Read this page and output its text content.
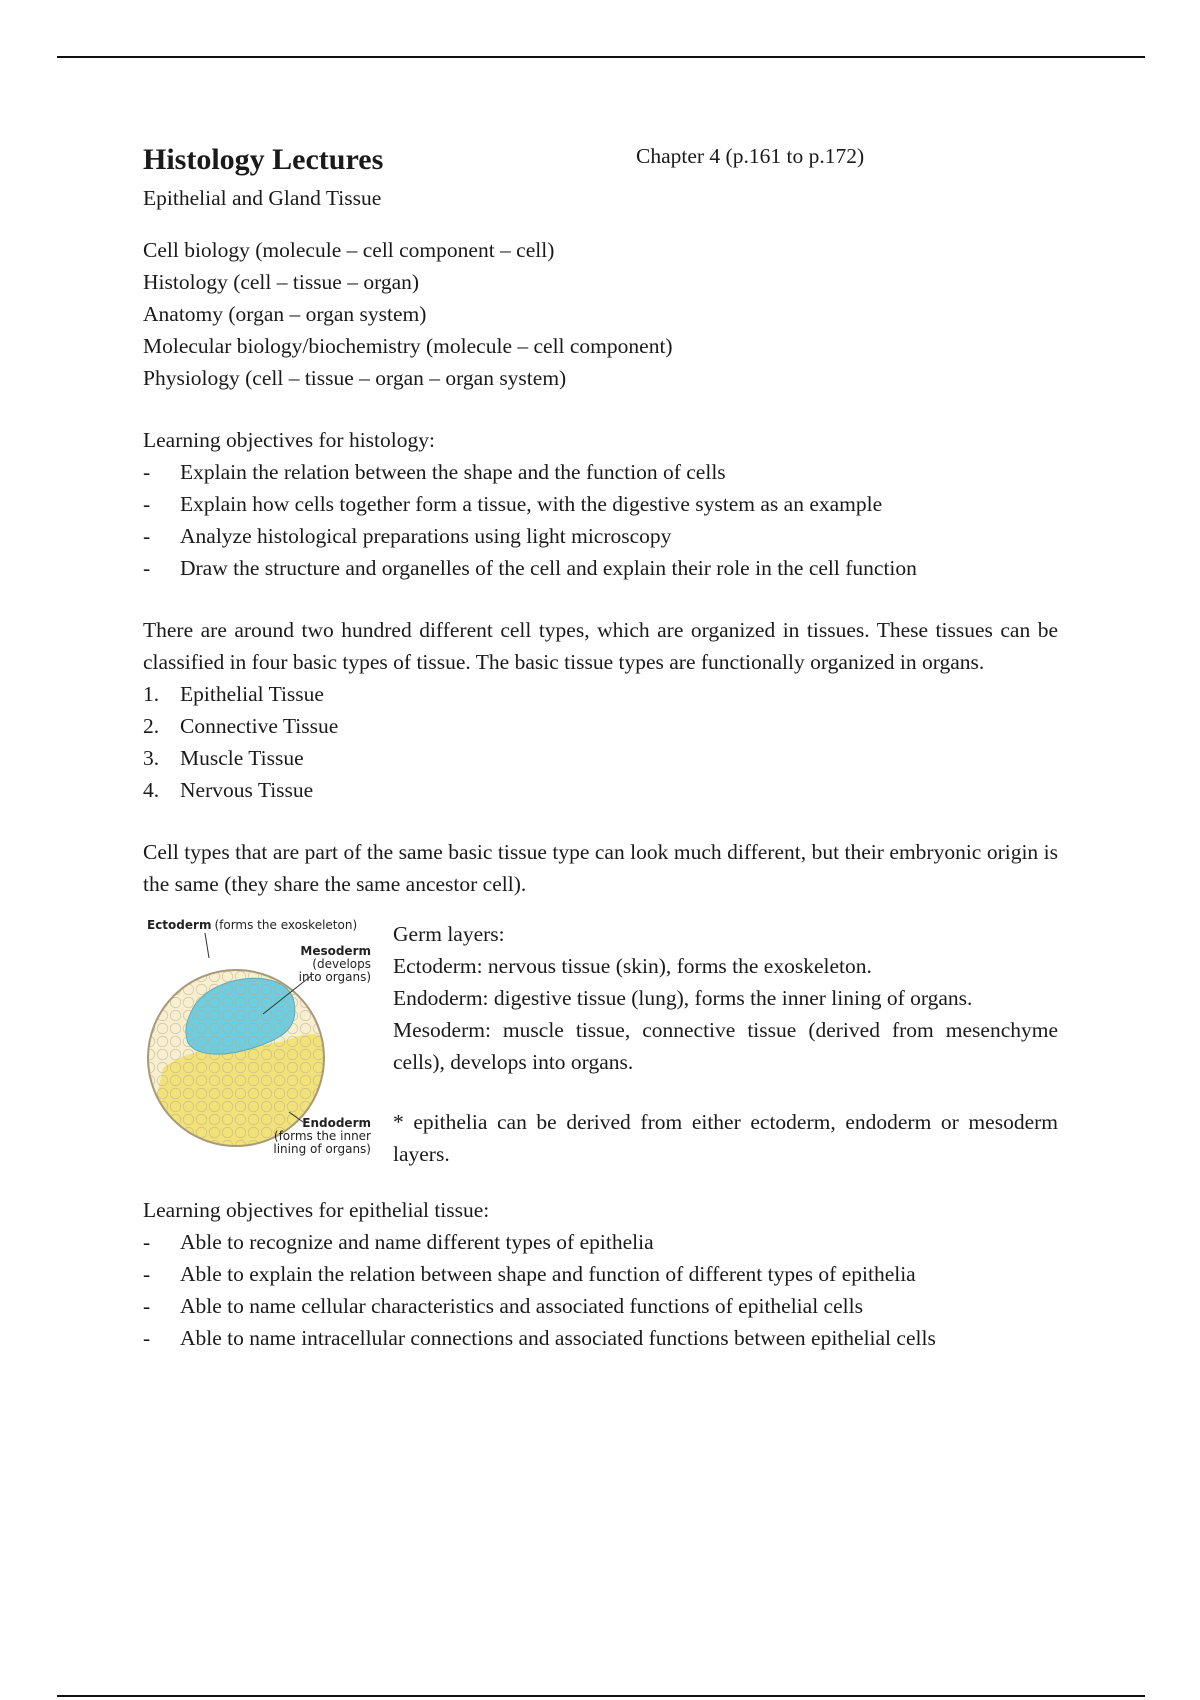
Histology Lectures	Chapter 4 (p.161 to p.172)
Epithelial and Gland Tissue
Cell biology (molecule – cell component – cell)
Histology (cell – tissue – organ)
Anatomy (organ – organ system)
Molecular biology/biochemistry (molecule – cell component)
Physiology (cell – tissue – organ – organ system)
Learning objectives for histology:
- Explain the relation between the shape and the function of cells
- Explain how cells together form a tissue, with the digestive system as an example
- Analyze histological preparations using light microscopy
- Draw the structure and organelles of the cell and explain their role in the cell function
There are around two hundred different cell types, which are organized in tissues. These tissues can be classified in four basic types of tissue. The basic tissue types are functionally organized in organs.
1. Epithelial Tissue
2. Connective Tissue
3. Muscle Tissue
4. Nervous Tissue
Cell types that are part of the same basic tissue type can look much different, but their embryonic origin is the same (they share the same ancestor cell).
Ectoderm (forms the exoskeleton)
Mesoderm
(develops
into organs)
Endoderm
(forms the inner
lining of organs)
Germ layers:
Ectoderm: nervous tissue (skin), forms the exoskeleton.
Endoderm: digestive tissue (lung), forms the inner lining of organs.
Mesoderm: muscle tissue, connective tissue (derived from mesenchyme cells), develops into organs.
* epithelia can be derived from either ectoderm, endoderm or mesoderm layers.
Learning objectives for epithelial tissue:
- Able to recognize and name different types of epithelia
- Able to explain the relation between shape and function of different types of epithelia
- Able to name cellular characteristics and associated functions of epithelial cells
- Able to name intracellular connections and associated functions between epithelial cells
